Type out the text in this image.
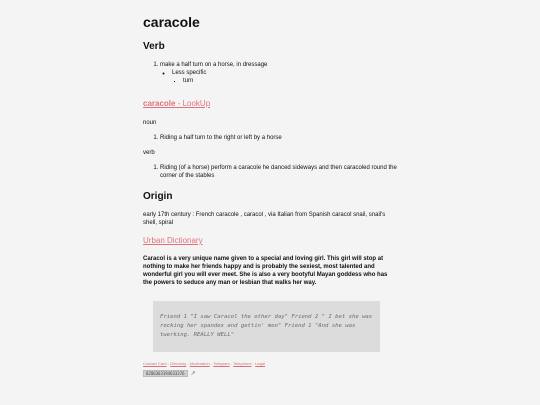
caracole
Verb
1. make a half turn on a horse, in dressage
◦ Less specific
▪ turn
caracole - LookUp
noun
1. Riding a half turn to the right or left by a horse
verb
1. Riding (of a horse) perform a caracole he danced sideways and then caracoled round the corner of the stables
Origin

early 17th century : French caracole , caracol , via Italian from Spanish caracol snail, snail's shell, spiral

Urban Dictionary

Caracol is a very unique name given to a special and loving girl. This girl will stop at nothing to make her friends happy and is probably the sexiest, most talented and wonderful girl you will ever meet. She is also a very bootyful Mayan goddess who has the powers to seduce any man or lesbian that walks her way.

Friend 1 "I saw Caracol the other day" Friend 2 " I bet she was rocking her spandex and gettin' men" Friend 1 "And she was twerking. REALLY WELL"
Contact Card - Directory - Moderation - Telegram - Telephone - Legal
8286363194633376	↗
